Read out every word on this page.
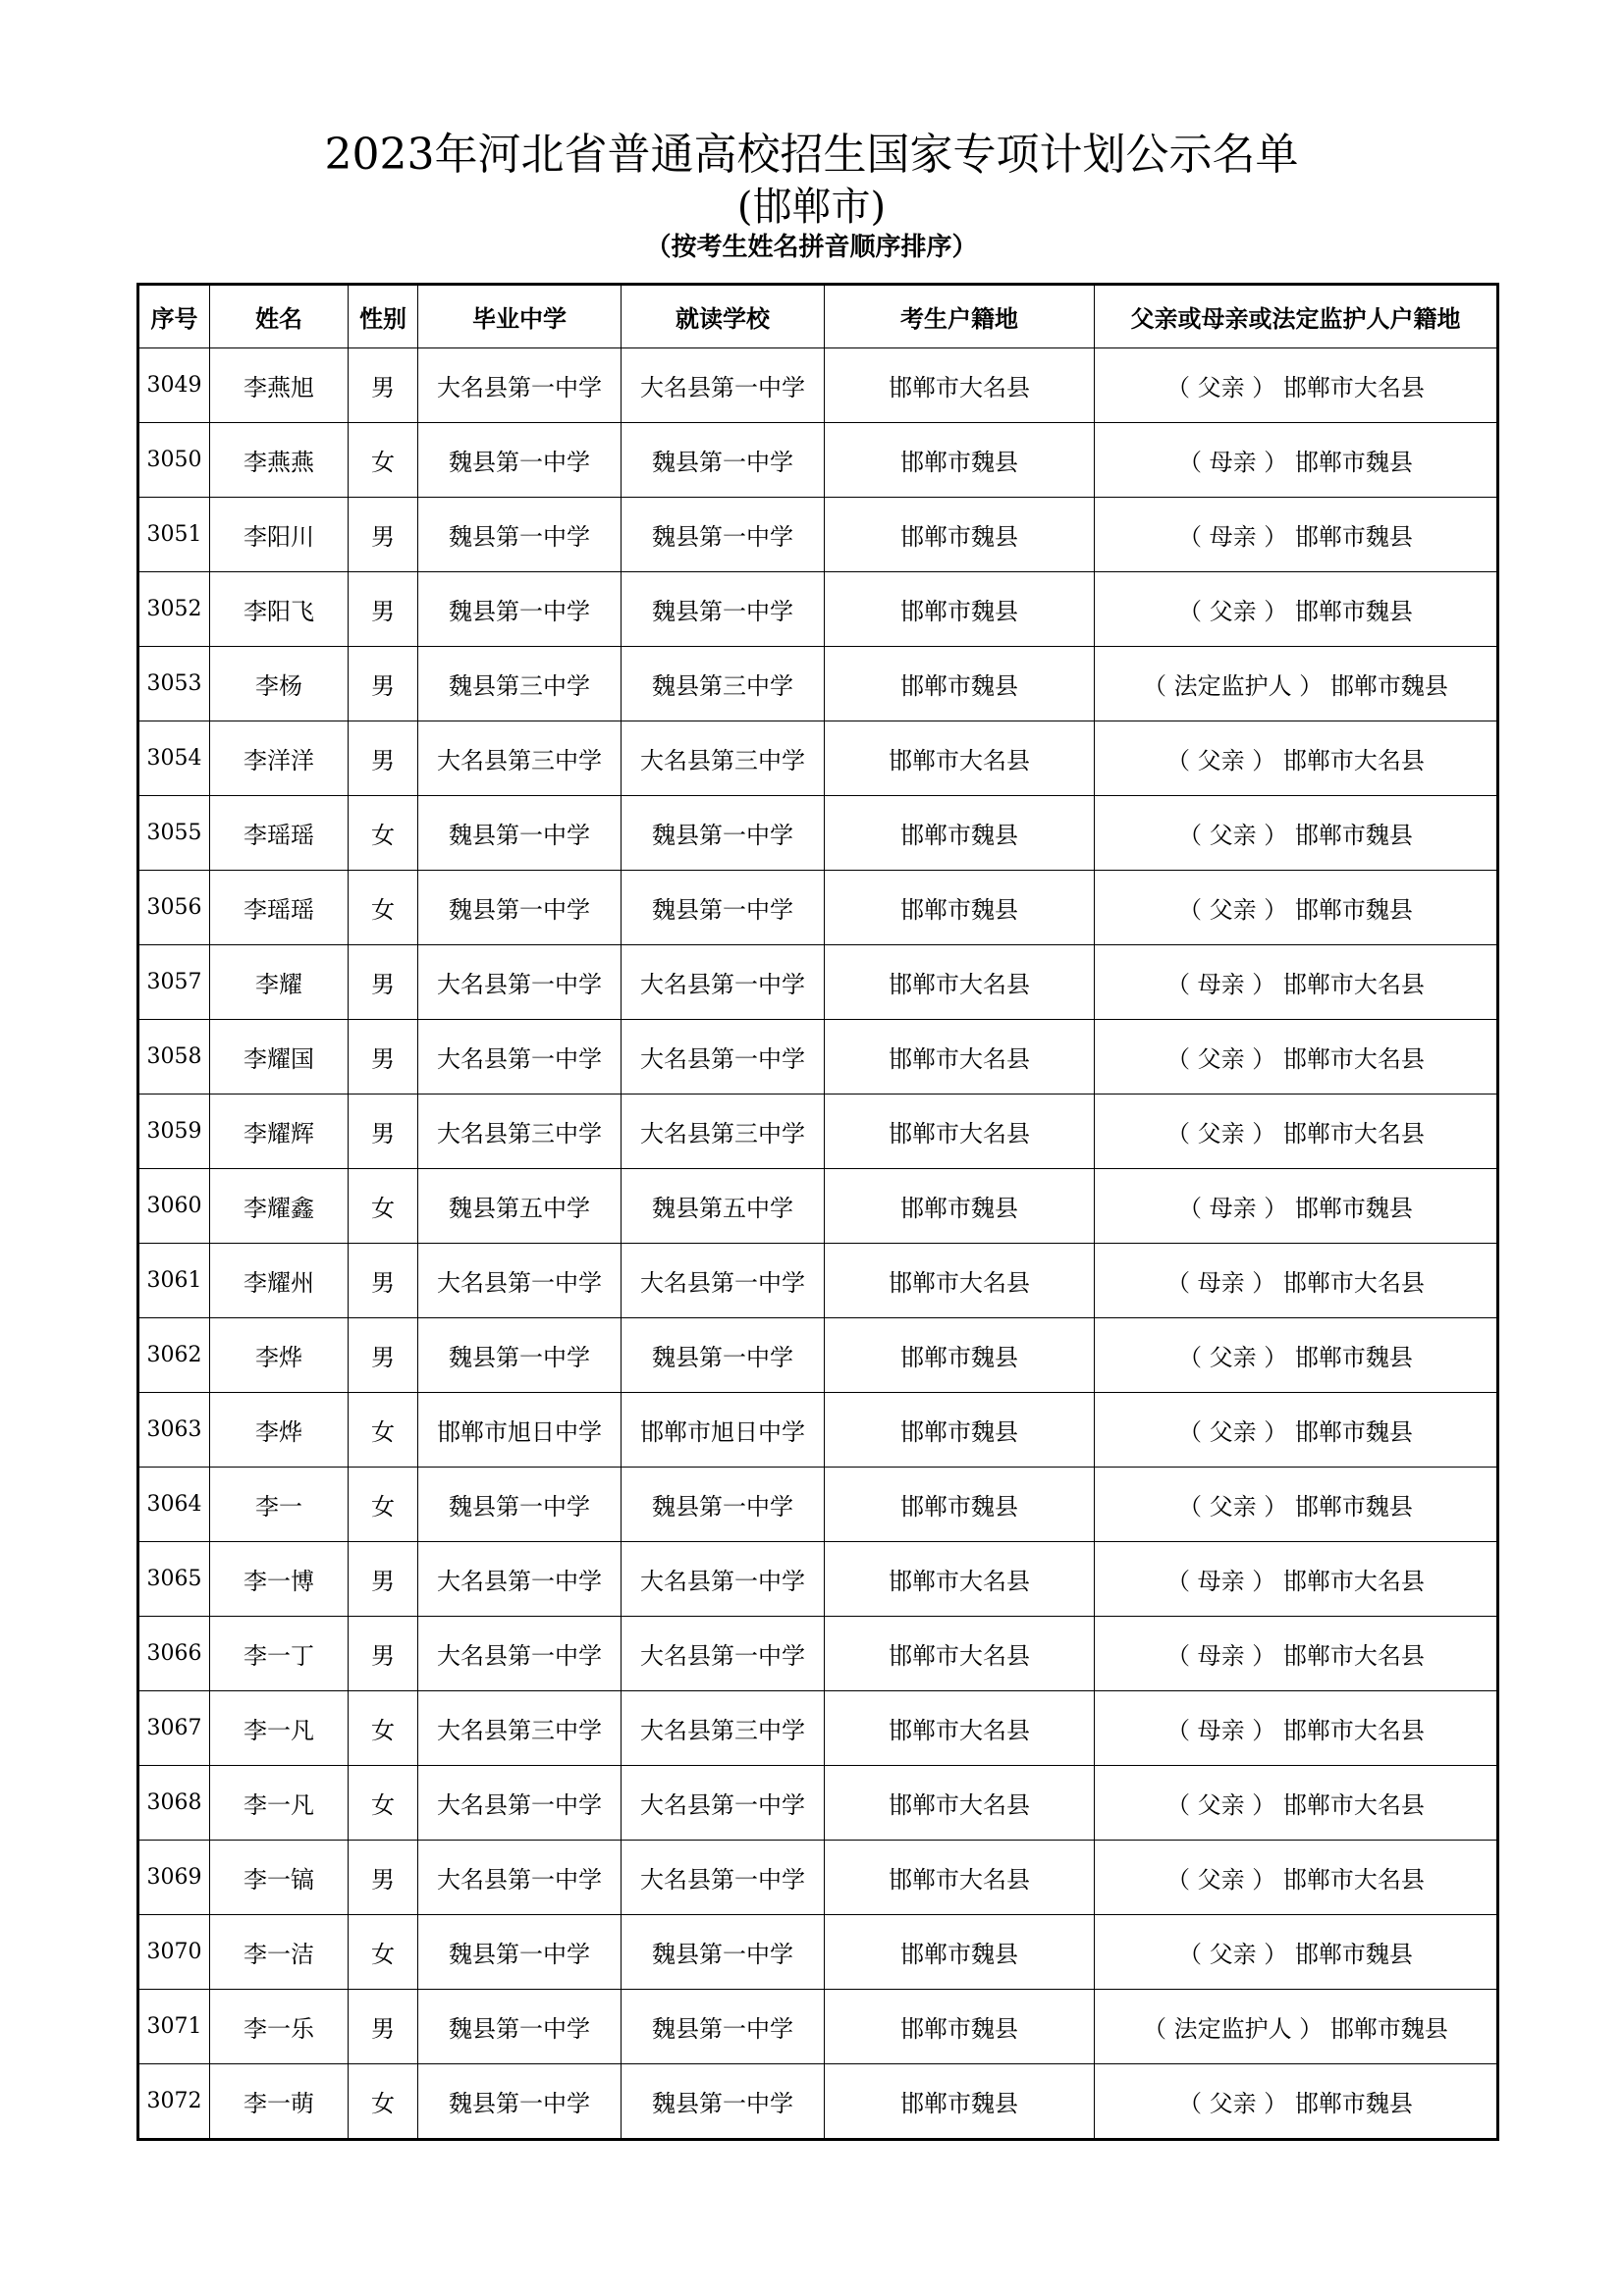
2023年河北省普通高校招生国家专项计划公示名单
(邯郸市)
（按考生姓名拼音顺序排序）
序号	姓名	性别	毕业中学	就读学校	考生户籍地	父亲或母亲或法定监护人户籍地
3049	李燕旭	男	大名县第一中学	大名县第一中学	邯郸市大名县	（ 父亲 ） 邯郸市大名县
3050	李燕燕	女	魏县第一中学	魏县第一中学	邯郸市魏县	（ 母亲 ） 邯郸市魏县
3051	李阳川	男	魏县第一中学	魏县第一中学	邯郸市魏县	（ 母亲 ） 邯郸市魏县
3052	李阳飞	男	魏县第一中学	魏县第一中学	邯郸市魏县	（ 父亲 ） 邯郸市魏县
3053	李杨	男	魏县第三中学	魏县第三中学	邯郸市魏县	（ 法定监护人 ） 邯郸市魏县
3054	李洋洋	男	大名县第三中学	大名县第三中学	邯郸市大名县	（ 父亲 ） 邯郸市大名县
3055	李瑶瑶	女	魏县第一中学	魏县第一中学	邯郸市魏县	（ 父亲 ） 邯郸市魏县
3056	李瑶瑶	女	魏县第一中学	魏县第一中学	邯郸市魏县	（ 父亲 ） 邯郸市魏县
3057	李耀	男	大名县第一中学	大名县第一中学	邯郸市大名县	（ 母亲 ） 邯郸市大名县
3058	李耀国	男	大名县第一中学	大名县第一中学	邯郸市大名县	（ 父亲 ） 邯郸市大名县
3059	李耀辉	男	大名县第三中学	大名县第三中学	邯郸市大名县	（ 父亲 ） 邯郸市大名县
3060	李耀鑫	女	魏县第五中学	魏县第五中学	邯郸市魏县	（ 母亲 ） 邯郸市魏县
3061	李耀州	男	大名县第一中学	大名县第一中学	邯郸市大名县	（ 母亲 ） 邯郸市大名县
3062	李烨	男	魏县第一中学	魏县第一中学	邯郸市魏县	（ 父亲 ） 邯郸市魏县
3063	李烨	女	邯郸市旭日中学	邯郸市旭日中学	邯郸市魏县	（ 父亲 ） 邯郸市魏县
3064	李一	女	魏县第一中学	魏县第一中学	邯郸市魏县	（ 父亲 ） 邯郸市魏县
3065	李一博	男	大名县第一中学	大名县第一中学	邯郸市大名县	（ 母亲 ） 邯郸市大名县
3066	李一丁	男	大名县第一中学	大名县第一中学	邯郸市大名县	（ 母亲 ） 邯郸市大名县
3067	李一凡	女	大名县第三中学	大名县第三中学	邯郸市大名县	（ 母亲 ） 邯郸市大名县
3068	李一凡	女	大名县第一中学	大名县第一中学	邯郸市大名县	（ 父亲 ） 邯郸市大名县
3069	李一镐	男	大名县第一中学	大名县第一中学	邯郸市大名县	（ 父亲 ） 邯郸市大名县
3070	李一洁	女	魏县第一中学	魏县第一中学	邯郸市魏县	（ 父亲 ） 邯郸市魏县
3071	李一乐	男	魏县第一中学	魏县第一中学	邯郸市魏县	（ 法定监护人 ） 邯郸市魏县
3072	李一萌	女	魏县第一中学	魏县第一中学	邯郸市魏县	（ 父亲 ） 邯郸市魏县
